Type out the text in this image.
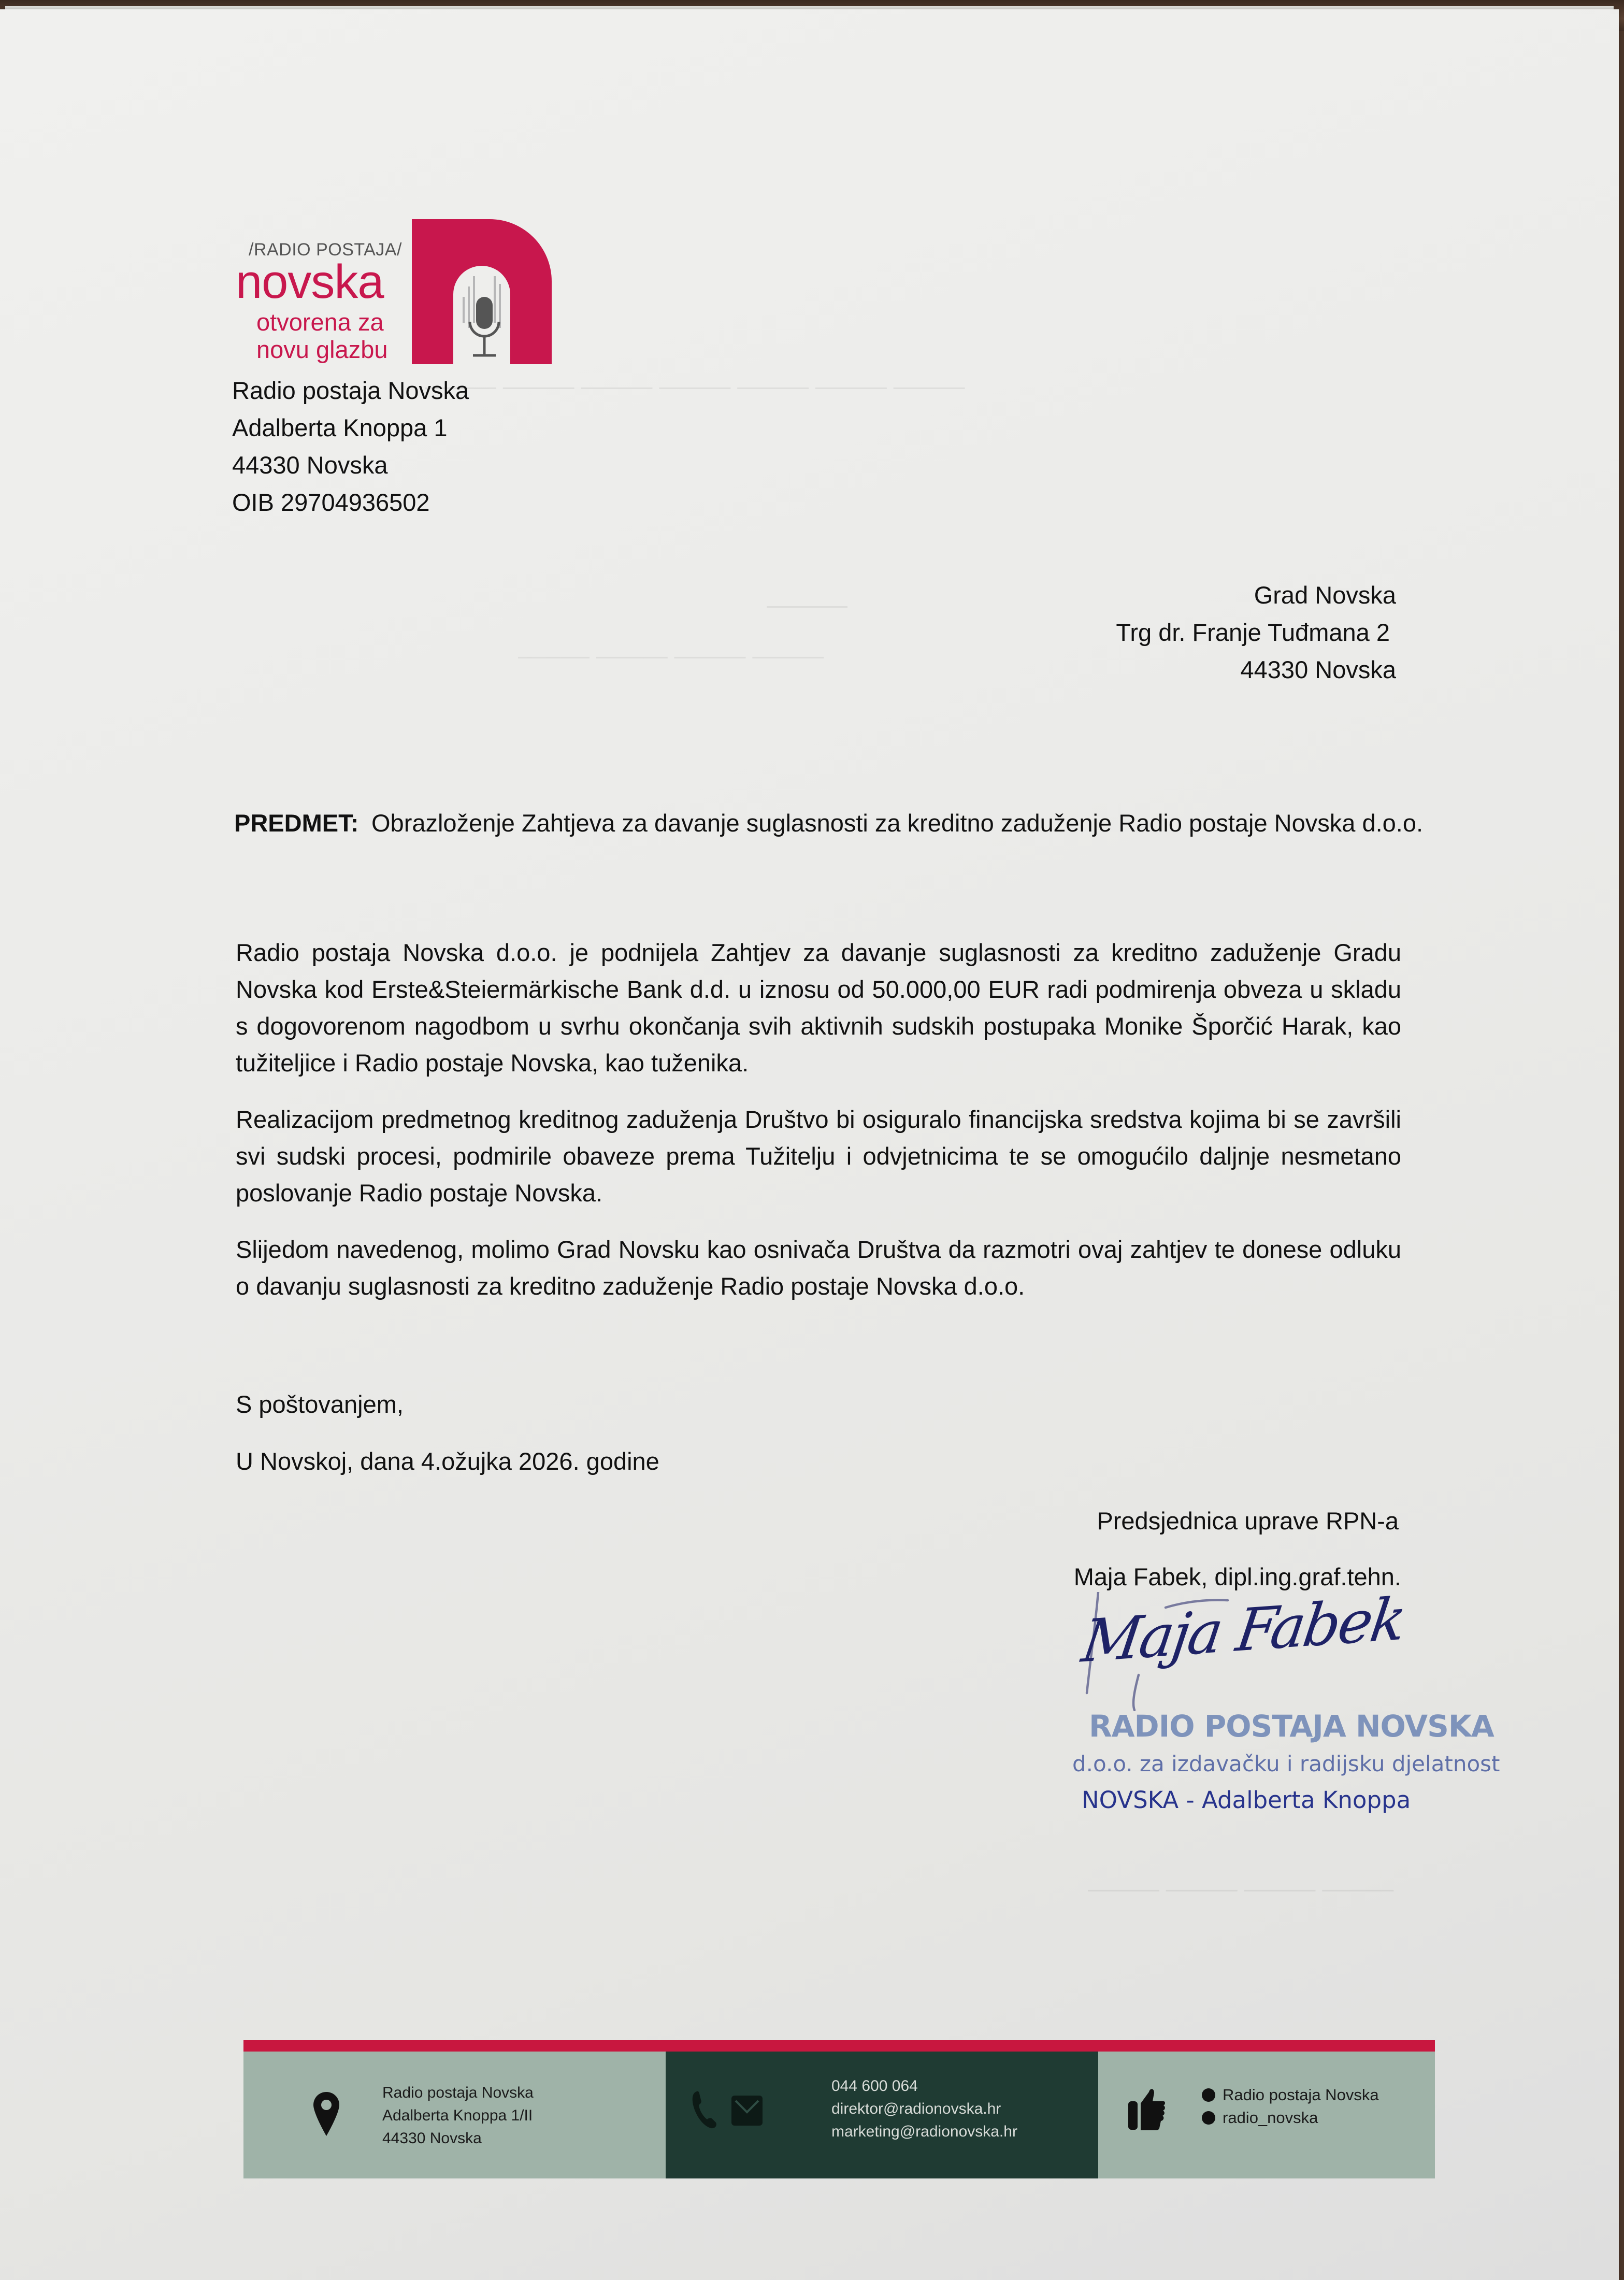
——— ——— ——— ——— ——— ——— ———
———
——— ——— ——— ———
/RADIO POSTAJA/
novska
otvorena za
novu glazbu
Radio postaja Novska
Adalberta Knoppa 1
44330 Novska
OIB 29704936502
Grad Novska
Trg dr. Franje Tuđmana 2
44330 Novska
PREDMET: Obrazloženje Zahtjeva za davanje suglasnosti za kreditno zaduženje Radio postaje Novska d.o.o.

Radio postaja Novska d.o.o. je podnijela Zahtjev za davanje suglasnosti za kreditno zaduženje Gradu Novska kod Erste&Steiermärkische Bank d.d. u iznosu od 50.000,00 EUR radi podmirenja obveza u skladu s dogovorenom nagodbom u svrhu okončanja svih aktivnih sudskih postupaka Monike Šporčić Harak, kao tužiteljice i Radio postaje Novska, kao tuženika.

Realizacijom predmetnog kreditnog zaduženja Društvo bi osiguralo financijska sredstva kojima bi se završili svi sudski procesi, podmirile obaveze prema Tužitelju i odvjetnicima te se omogućilo daljnje nesmetano poslovanje Radio postaje Novska.

Slijedom navedenog, molimo Grad Novsku kao osnivača Društva da razmotri ovaj zahtjev te donese odluku o davanju suglasnosti za kreditno zaduženje Radio postaje Novska d.o.o.

S poštovanjem,
U Novskoj, dana 4.ožujka 2026. godine
Predsjednica uprave RPN-a
Maja Fabek, dipl.ing.graf.tehn.
Maja Fabek
RADIO POSTAJA NOVSKA
d.o.o. za izdavačku i radijsku djelatnost
NOVSKA - Adalberta Knoppa
——— ——— ——— ———
Radio postaja Novska
Adalberta Knoppa 1/II
44330 Novska
044 600 064
direktor@radionovska.hr
marketing@radionovska.hr
Radio postaja Novska
radio_novska
